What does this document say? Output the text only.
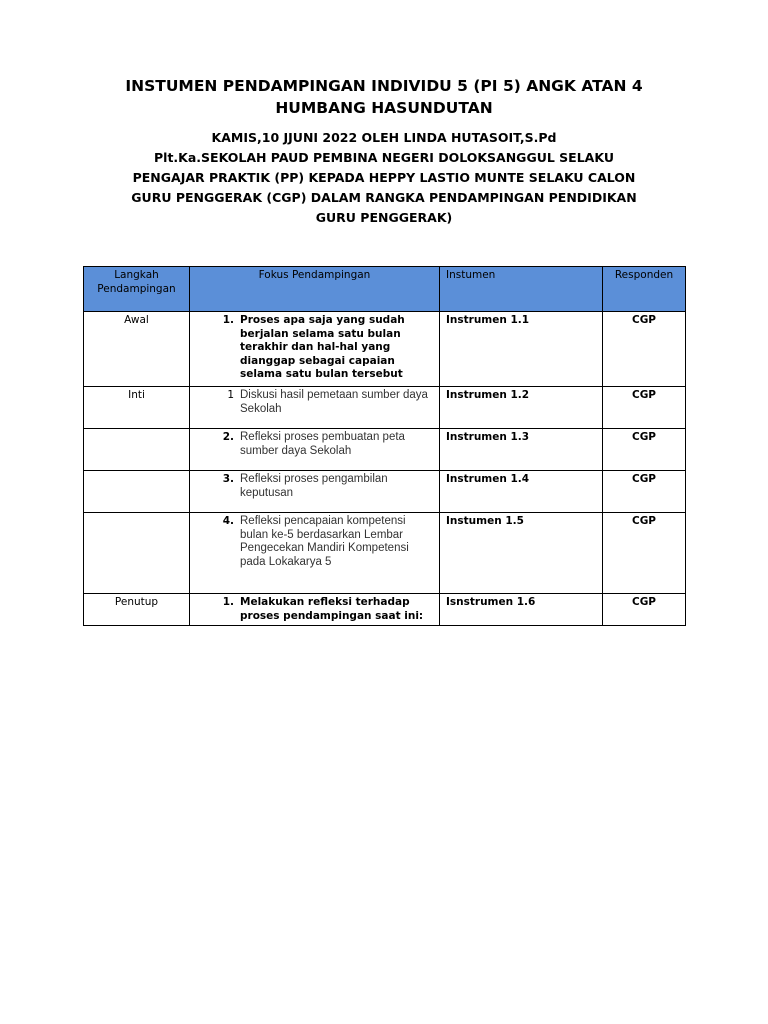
INSTUMEN PENDAMPINGAN INDIVIDU 5 (PI 5) ANGK ATAN 4
HUMBANG HASUNDUTAN
KAMIS,10 JJUNI 2022 OLEH LINDA HUTASOIT,S.Pd
Plt.Ka.SEKOLAH PAUD PEMBINA NEGERI DOLOKSANGGUL SELAKU
PENGAJAR PRAKTIK (PP) KEPADA HEPPY LASTIO MUNTE SELAKU CALON
GURU PENGGERAK (CGP) DALAM RANGKA PENDAMPINGAN PENDIDIKAN
GURU PENGGERAK)
Langkah Pendampingan	Fokus Pendampingan	Instumen	Responden
Awal	1. Proses apa saja yang sudah berjalan selama satu bulan terakhir dan hal-hal yang dianggap sebagai capaian selama satu bulan tersebut	Instrumen 1.1	CGP
Inti	1 Diskusi hasil pemetaan sumber daya Sekolah	Instrumen 1.2	CGP

	2. Refleksi proses pembuatan peta sumber daya Sekolah	Instrumen 1.3	CGP

	3. Refleksi proses pengambilan keputusan	Instrumen 1.4	CGP

	4. Refleksi pencapaian kompetensi bulan ke-5 berdasarkan Lembar Pengecekan Mandiri Kompetensi pada Lokakarya 5	Instumen 1.5	CGP
Penutup	1. Melakukan refleksi terhadap proses pendampingan saat ini:	Isnstrumen 1.6	CGP
